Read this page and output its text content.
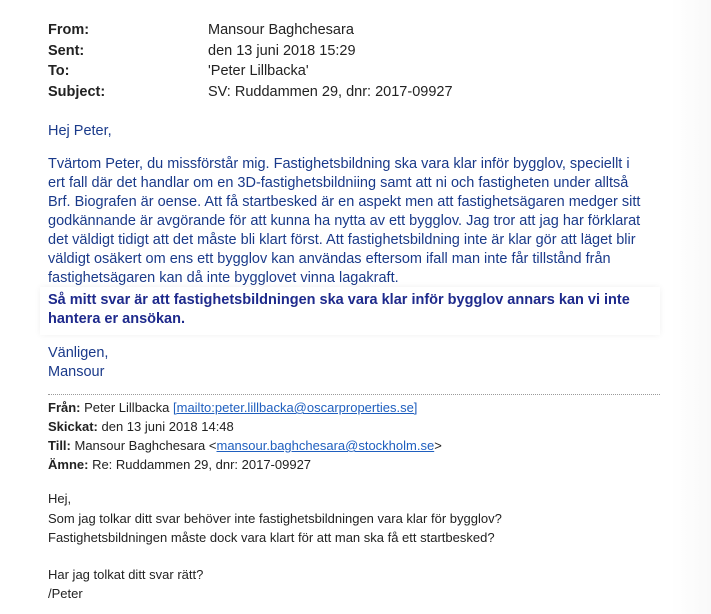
From:	Mansour Baghchesara
Sent:	den 13 juni 2018 15:29
To:	'Peter Lillbacka'
Subject:	SV: Ruddammen 29, dnr: 2017-09927
Hej Peter,

Tvärtom Peter, du missförstår mig. Fastighetsbildning ska vara klar inför bygglov, speciellt i

ert fall där det handlar om en 3D-fastighetsbildniing samt att ni och fastigheten under alltså

Brf. Biografen är oense. Att få startbesked är en aspekt men att fastighetsägaren medger sitt

godkännande är avgörande för att kunna ha nytta av ett bygglov. Jag tror att jag har förklarat

det väldigt tidigt att det måste bli klart först. Att fastighetsbildning inte är klar gör att läget blir

väldigt osäkert om ens ett bygglov kan användas eftersom ifall man inte får tillstånd från

fastighetsägaren kan då inte bygglovet vinna lagakraft.

Så mitt svar är att fastighetsbildningen ska vara klar inför bygglov annars kan vi inte
hantera er ansökan.
Vänligen,
Mansour
Från: Peter Lillbacka [mailto:peter.lillbacka@oscarproperties.se]
Skickat: den 13 juni 2018 14:48
Till: Mansour Baghchesara <mansour.baghchesara@stockholm.se>
Ämne: Re: Ruddammen 29, dnr: 2017-09927
Hej,
Som jag tolkar ditt svar behöver inte fastighetsbildningen vara klar för bygglov?
Fastighetsbildningen måste dock vara klart för att man ska få ett startbesked?
Har jag tolkat ditt svar rätt?
/Peter
